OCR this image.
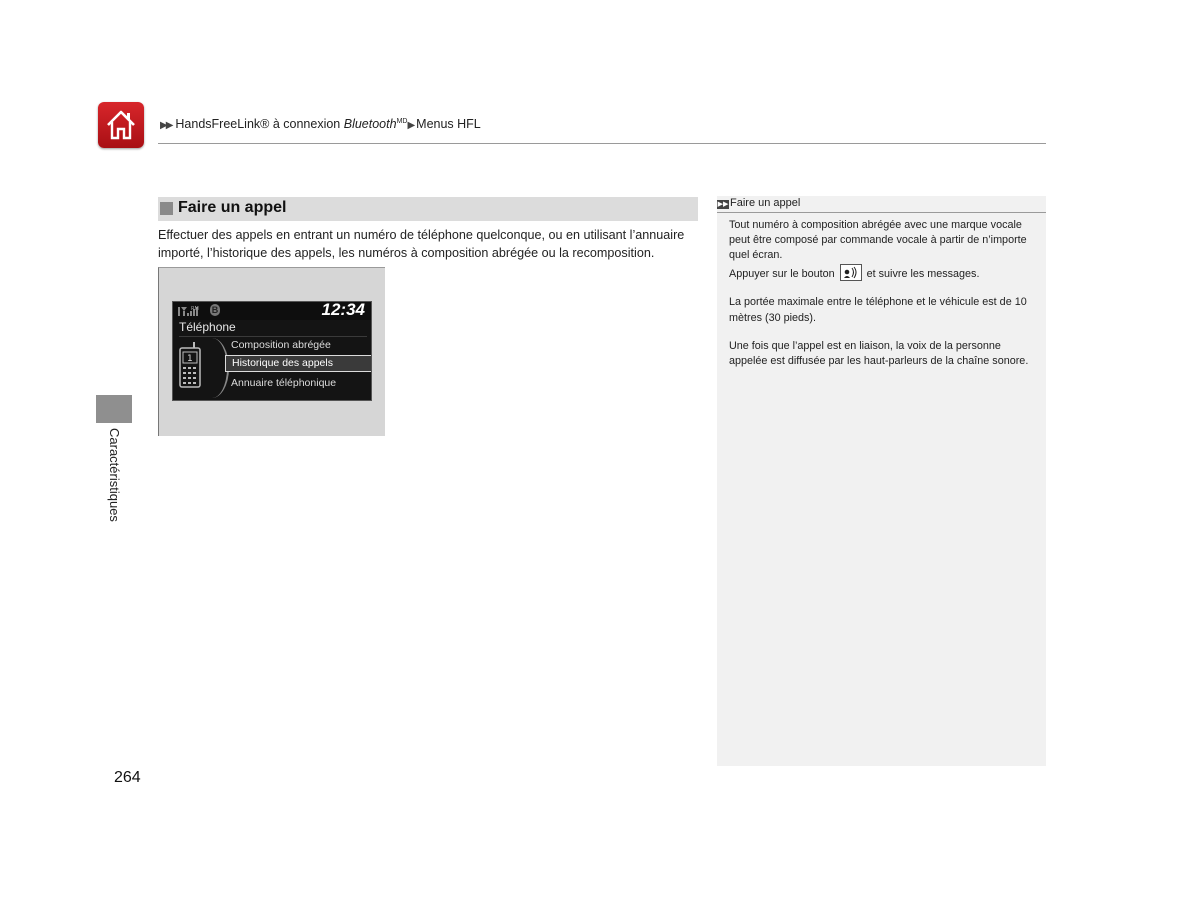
▶▶ HandsFreeLink® à connexion Bluetooth$^{MD}$▶Menus HFL
Caractéristiques
Faire un appel
Effectuer des appels en entrant un numéro de téléphone quelconque, ou en utilisant l’annuaire importé, l’historique des appels, les numéros à composition abrégée ou la recomposition.
RM B	12:34
Téléphone
1
Composition abrégée
Historique des appels
Annuaire téléphonique
▶▶ Faire un appel

Tout numéro à composition abrégée avec une marque vocale peut être composé par commande vocale à partir de n’importe quel écran.
Appuyer sur le bouton	et suivre les messages.

La portée maximale entre le téléphone et le véhicule est de 10 mètres (30 pieds).

Une fois que l’appel est en liaison, la voix de la personne appelée est diffusée par les haut-parleurs de la chaîne sonore.

264
